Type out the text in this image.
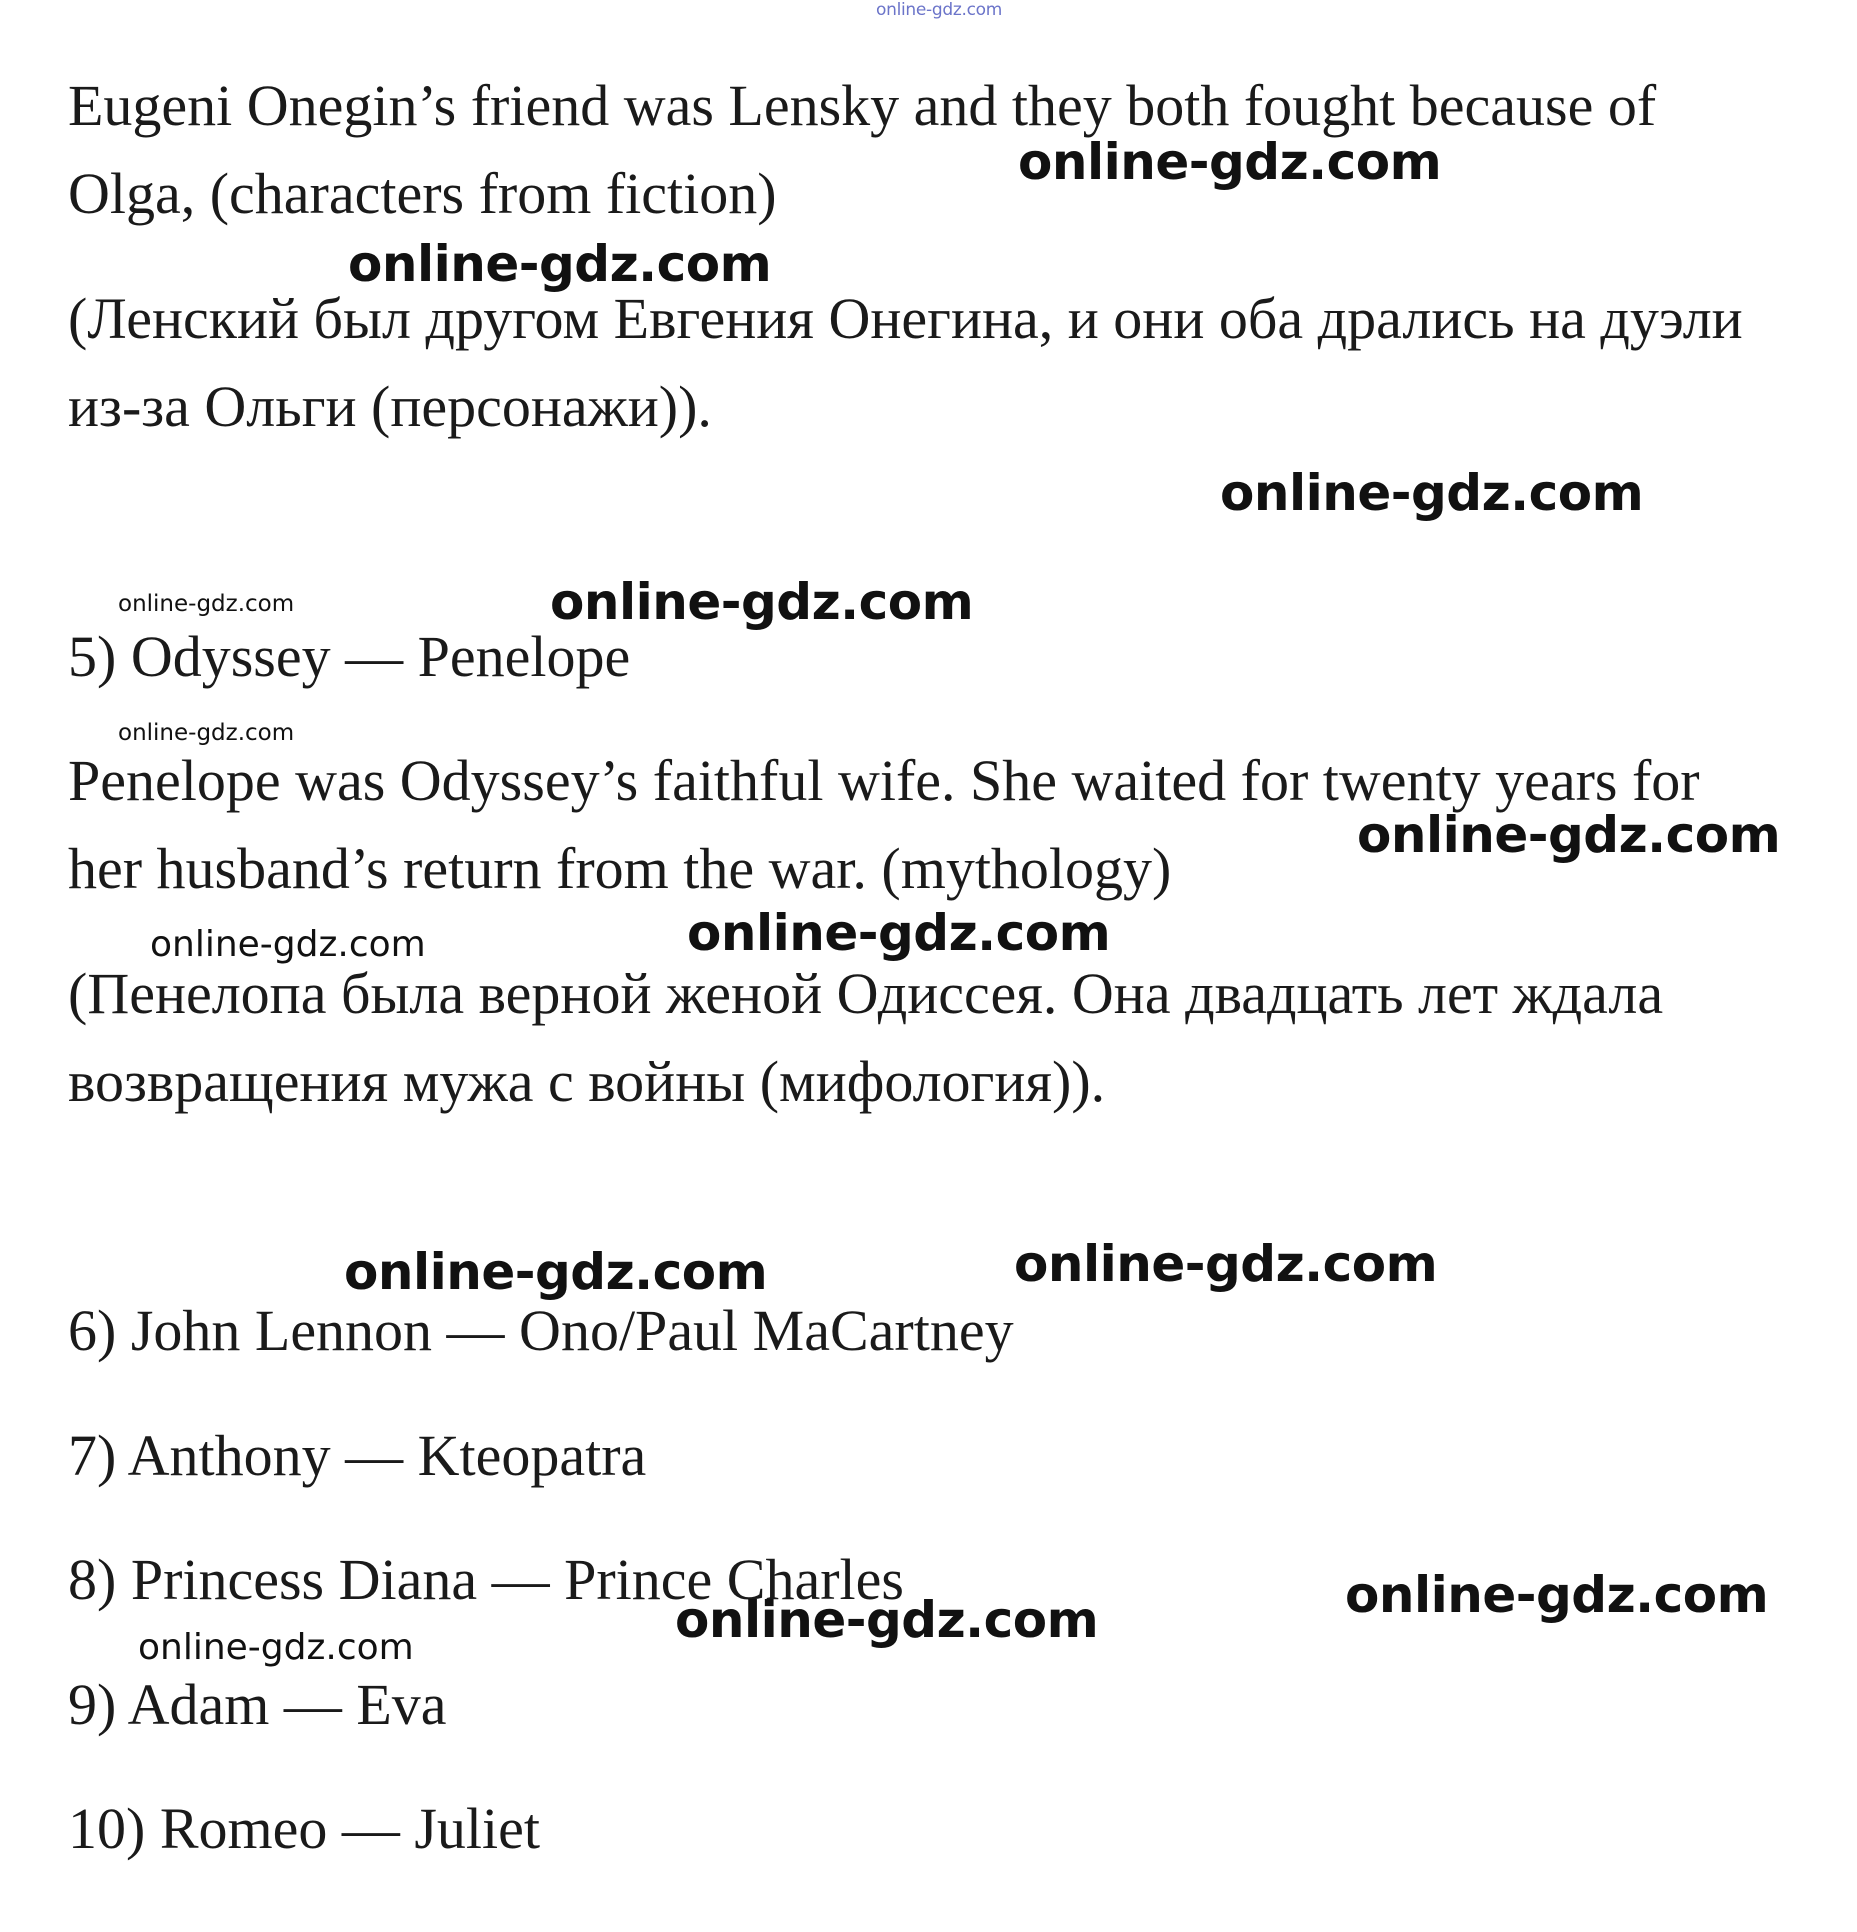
online-gdz.com
Eugeni Onegin’s friend was Lensky and they both fought because of
Olga, (characters from fiction)
(Ленский был другом Евгения Онегина, и они оба дрались на дуэли
из-за Ольги (персонажи)).
5) Odyssey — Penelope
Penelope was Odyssey’s faithful wife. She waited for twenty years for
her husband’s return from the war. (mythology)
(Пенелопа была верной женой Одиссея. Она двадцать лет ждала
возвращения мужа с войны (мифология)).
6) John Lennon — Ono/Paul MaCartney
7) Anthony — Kteopatra
8) Princess Diana — Prince Charles
9) Adam — Eva
10) Romeo — Juliet
online-gdz.com
online-gdz.com
online-gdz.com
online-gdz.com	online-gdz.com
online-gdz.com
online-gdz.com
online-gdz.com	online-gdz.com
online-gdz.com	online-gdz.com
online-gdz.com
online-gdz.com
online-gdz.com
